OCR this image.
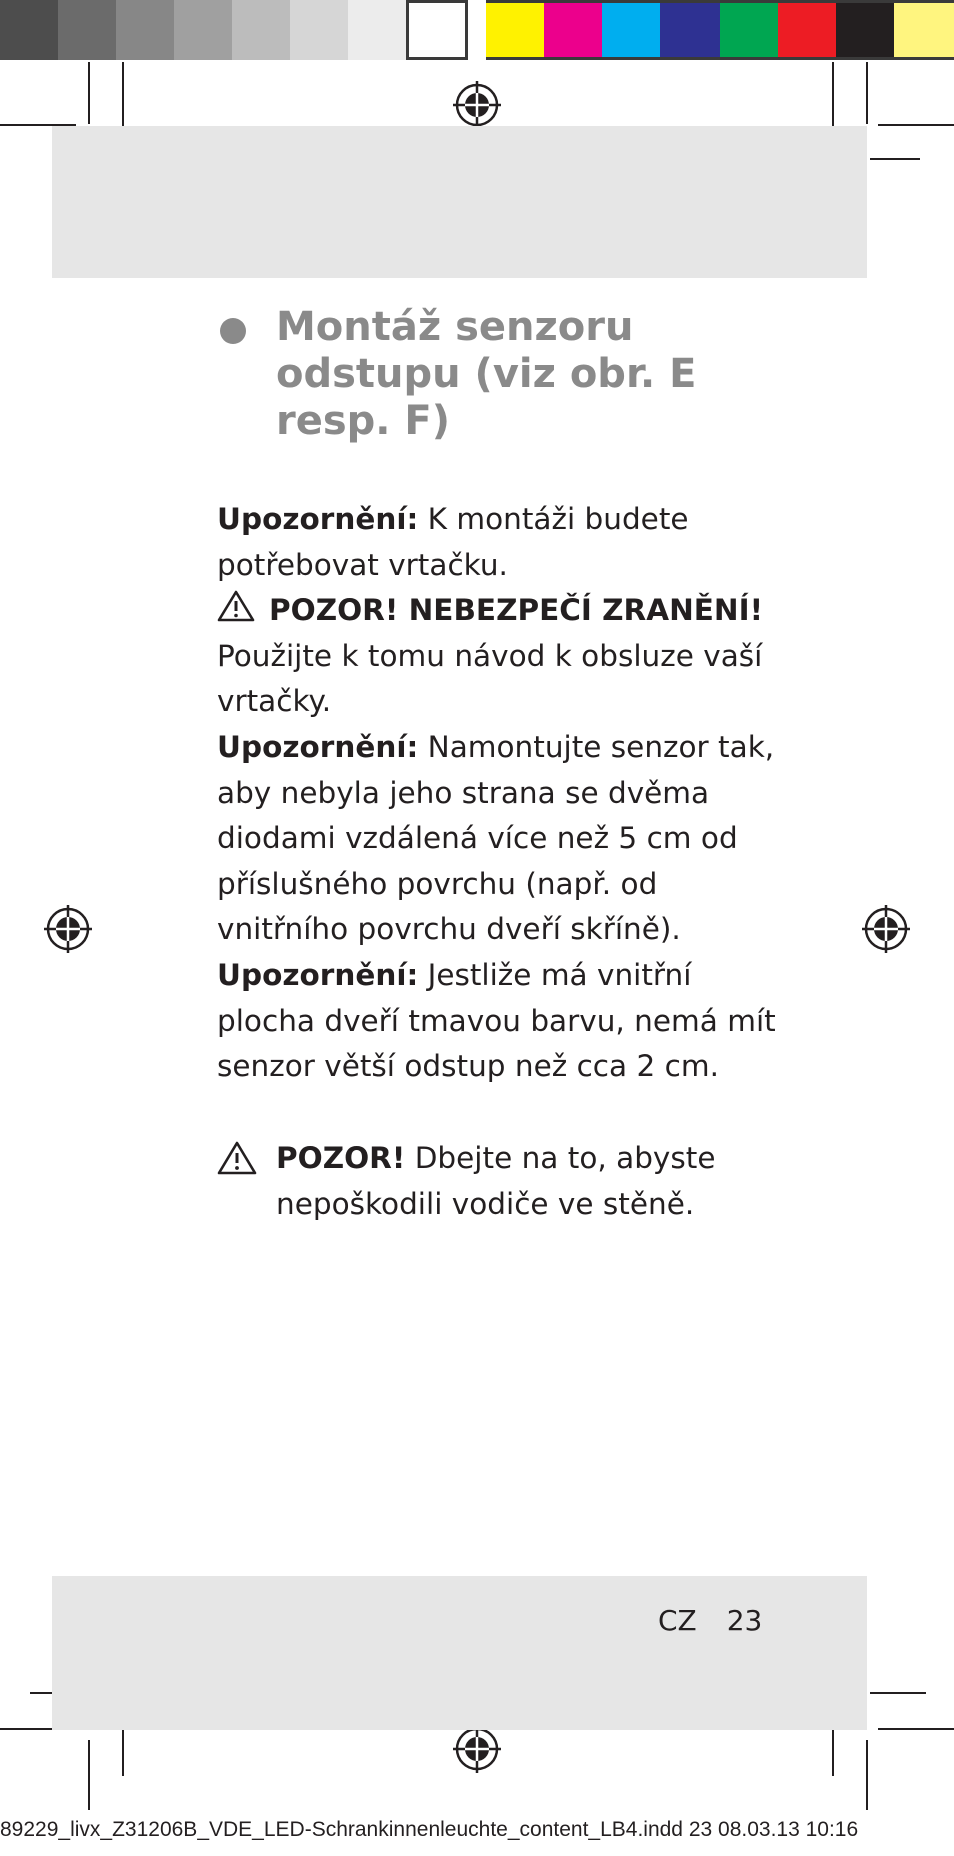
Montáž senzoru
odstupu (viz obr. E
resp. F)

Upozornění: K montáži budete potřebovat vrtačku.

POZOR! NEBEZPEČÍ ZRANĚNÍ! Použijte k tomu návod k obsluze vaší vrtačky.

Upozornění: Namontujte senzor tak, aby nebyla jeho strana se dvěma diodami vzdálená více než 5 cm od příslušného povrchu (např. od vnitřního povrchu dveří skříně).

Upozornění: Jestliže má vnitřní plocha dveří tmavou barvu, nemá mít senzor větší odstup než cca 2 cm.

POZOR! Dbejte na to, abyste nepoškodili vodiče ve stěně.
CZ 23
89229_livx_Z31206B_VDE_LED-Schrankinnenleuchte_content_LB4.indd 23 08.03.13 10:16
